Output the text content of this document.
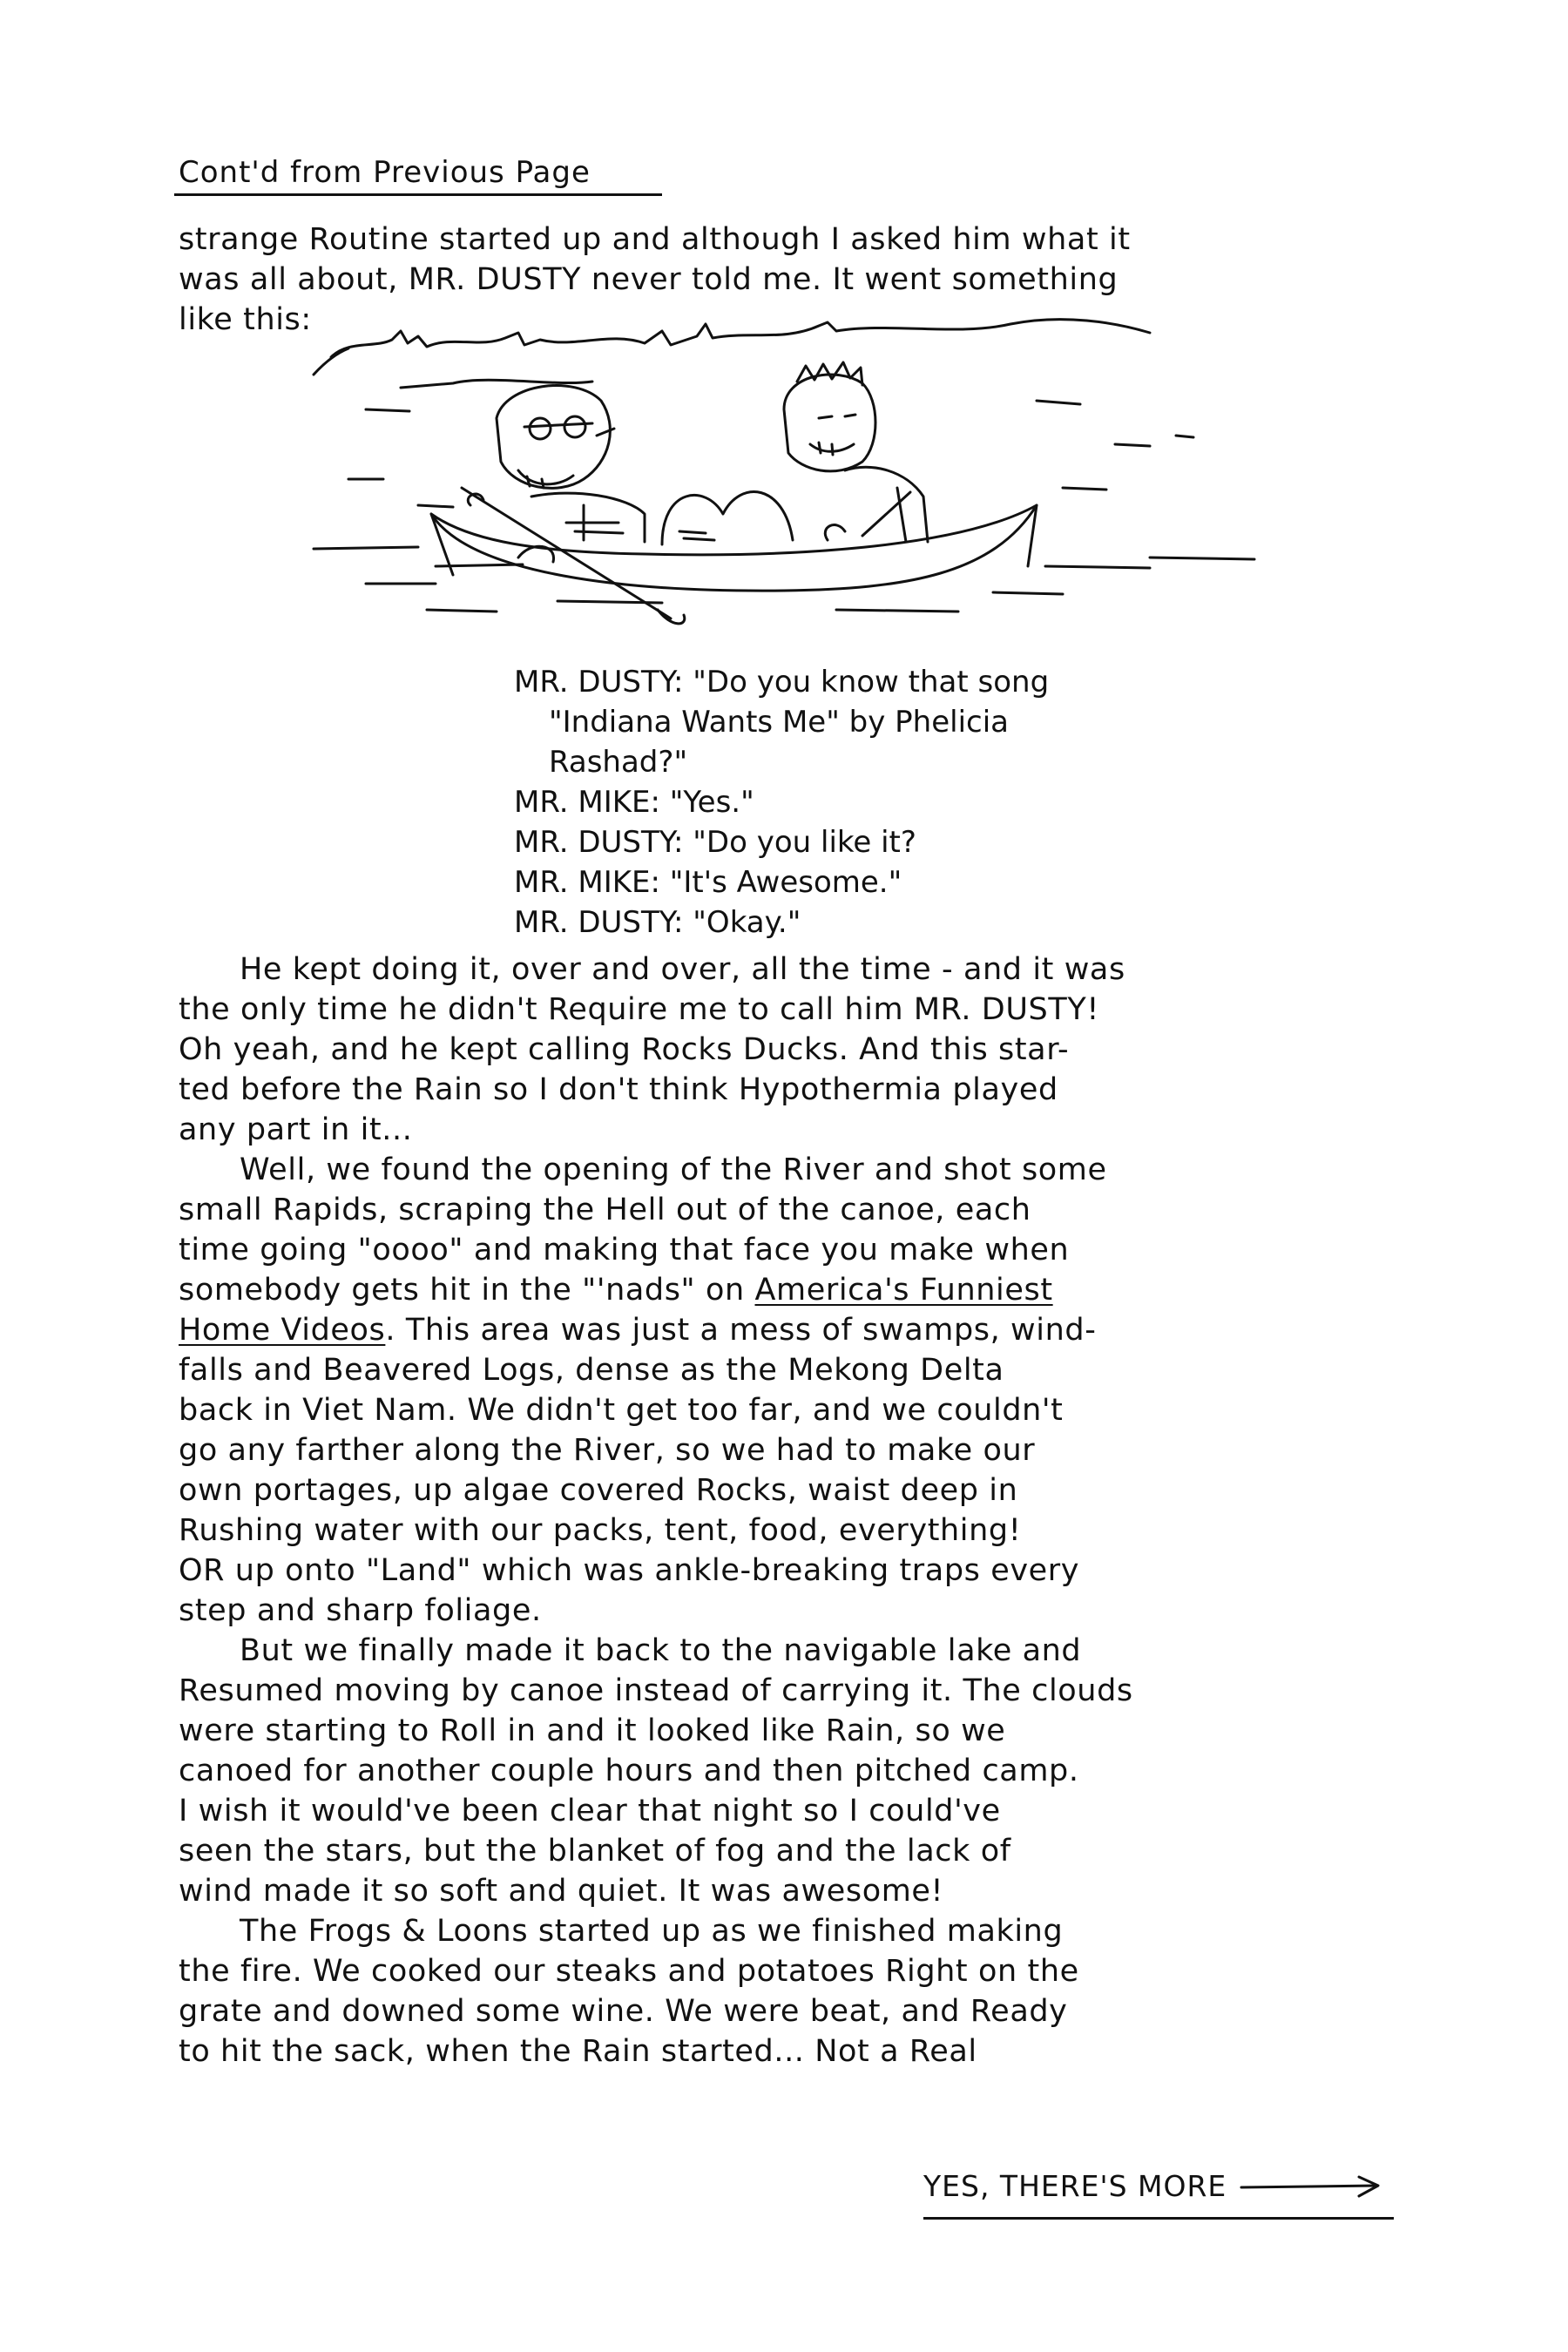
Cont'd from Previous Page
strange Routine started up and although I asked him what it
was all about, MR. DUSTY never told me. It went something
like this:
MR. DUSTY: "Do you know that song
"Indiana Wants Me" by Phelicia
Rashad?"
MR. MIKE: "Yes."
MR. DUSTY: "Do you like it?
MR. MIKE: "It's Awesome."
MR. DUSTY: "Okay."
He kept doing it, over and over, all the time - and it was
the only time he didn't Require me to call him MR. DUSTY!
Oh yeah, and he kept calling Rocks Ducks. And this star-
ted before the Rain so I don't think Hypothermia played
any part in it...
Well, we found the opening of the River and shot some
small Rapids, scraping the Hell out of the canoe, each
time going "oooo" and making that face you make when
somebody gets hit in the "'nads" on America's Funniest
Home Videos. This area was just a mess of swamps, wind-
falls and Beavered Logs, dense as the Mekong Delta
back in Viet Nam. We didn't get too far, and we couldn't
go any farther along the River, so we had to make our
own portages, up algae covered Rocks, waist deep in
Rushing water with our packs, tent, food, everything!
OR up onto "Land" which was ankle-breaking traps every
step and sharp foliage.
But we finally made it back to the navigable lake and
Resumed moving by canoe instead of carrying it. The clouds
were starting to Roll in and it looked like Rain, so we
canoed for another couple hours and then pitched camp.
I wish it would've been clear that night so I could've
seen the stars, but the blanket of fog and the lack of
wind made it so soft and quiet. It was awesome!
The Frogs & Loons started up as we finished making
the fire. We cooked our steaks and potatoes Right on the
grate and downed some wine. We were beat, and Ready
to hit the sack, when the Rain started... Not a Real
YES, THERE'S MORE
